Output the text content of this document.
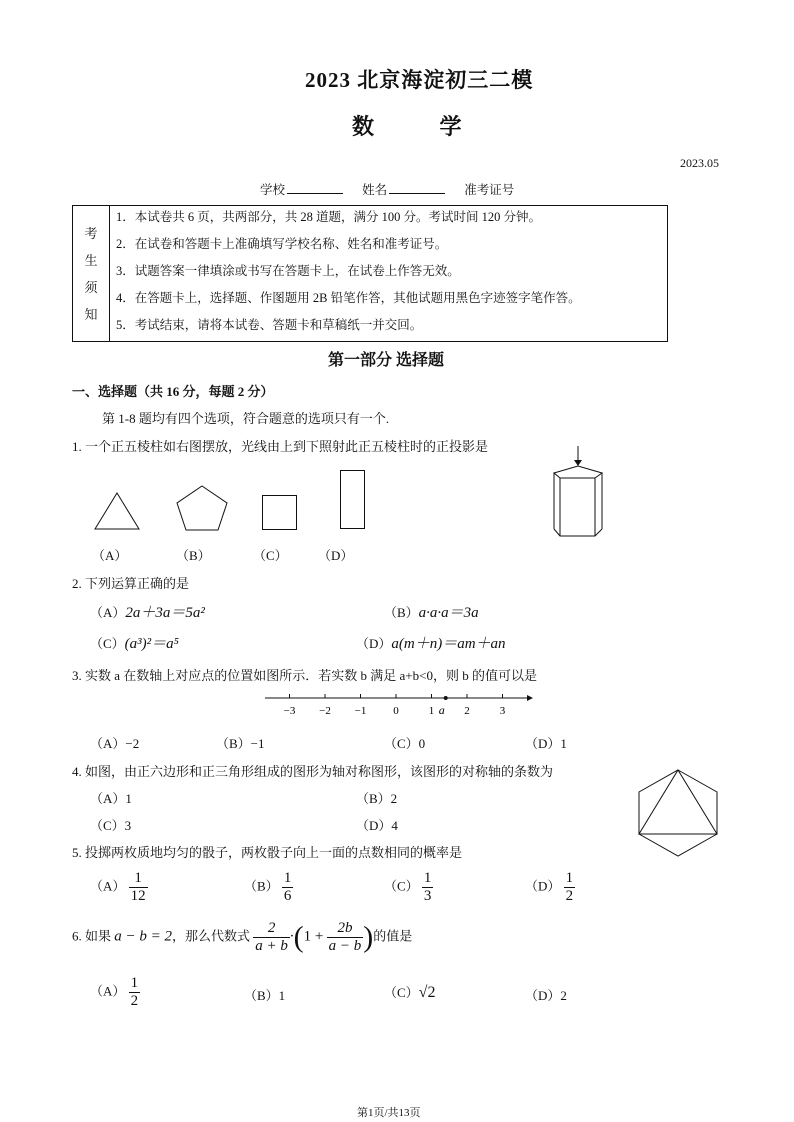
2023 北京海淀初三二模
数 学
2023.05
学校	姓名	准考证号
考
生
须
知

1．本试卷共 6 页，共两部分，共 28 道题，满分 100 分。考试时间 120 分钟。
2．在试卷和答题卡上准确填写学校名称、姓名和准考证号。
3．试题答案一律填涂或书写在答题卡上，在试卷上作答无效。
4．在答题卡上，选择题、作图题用 2B 铅笔作答，其他试题用黑色字迹签字笔作答。
5．考试结束，请将本试卷、答题卡和草稿纸一并交回。
第一部分 选择题
一、选择题（共 16 分，每题 2 分）
第 1-8 题均有四个选项，符合题意的选项只有一个.
1. 一个正五棱柱如右图摆放，光线由上到下照射此正五棱柱时的正投影是
（A）	（B）	（C） （D）
2. 下列运算正确的是
（A）2a＋3a＝5a²	（B）a·a·a＝3a
（C）(a³)²＝a⁵	（D）a(m＋n)＝am＋an
3. 实数 a 在数轴上对应点的位置如图所示．若实数 b 满足 a+b<0，则 b 的值可以是
−3 −2 −1 0	1	2	3
a
（A）−2	（B）−1	（C）0	（D）1
4. 如图，由正六边形和正三角形组成的图形为轴对称图形，该图形的对称轴的条数为
（A）1	（B）2
（C）3	（D）4
5. 投掷两枚质地均匀的骰子，两枚骰子向上一面的点数相同的概率是
$(A) \frac{1}{12}$	$(B) \frac{1}{6}$	$(C) \frac{1}{3}$	$(D) \frac{1}{2}$
6. 如果 a − b = 2，那么代数式 $\frac{2}{a + b} \cdot(1 + \frac{2b}{a - b}$ )的值是
$(A) \frac{1}{2}$	（B）1	（C）√2	（D）2
第1页/共13页
